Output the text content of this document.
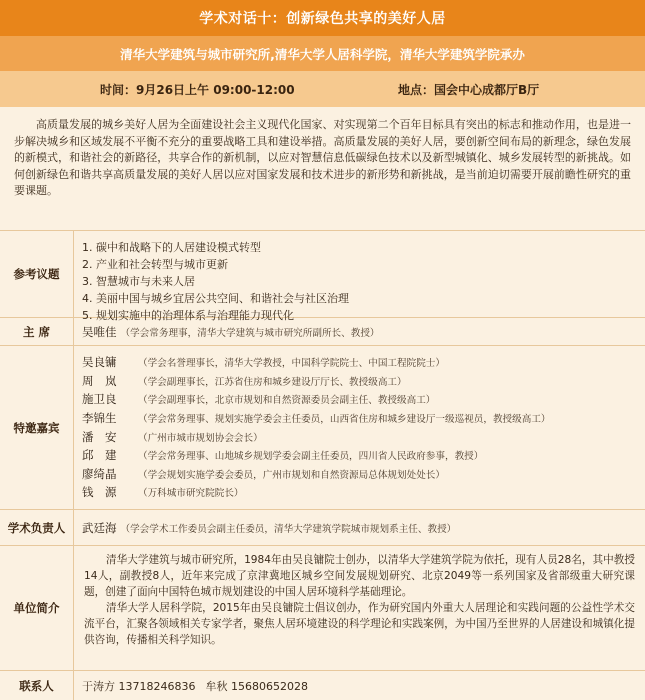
学术对话十：创新绿色共享的美好人居
清华大学建筑与城市研究所,清华大学人居科学院，清华大学建筑学院承办
时间：9月26日上午 09:00-12:00	地点：国会中心成都厅B厅
高质量发展的城乡美好人居为全面建设社会主义现代化国家、对实现第二个百年目标具有突出的标志和推动作用，也是进一步解决城乡和区域发展不平衡不充分的重要战略工具和建设举措。高质量发展的美好人居，要创新空间布局的新理念，绿色发展的新模式，和谐社会的新路径，共享合作的新机制，以应对智慧信息低碳绿色技术以及新型城镇化、城乡发展转型的新挑战。如何创新绿色和谐共享高质量发展的美好人居以应对国家发展和技术进步的新形势和新挑战，是当前迫切需要开展前瞻性研究的重要课题。
参考议题
1. 碳中和战略下的人居建设模式转型
2. 产业和社会转型与城市更新
3. 智慧城市与未来人居
4. 美丽中国与城乡宜居公共空间、和谐社会与社区治理
5. 规划实施中的治理体系与治理能力现代化
主 席	吴唯佳 （学会常务理事，清华大学建筑与城市研究所副所长、教授）
特邀嘉宾
吴良镛	（学会名誉理事长，清华大学教授，中国科学院院士、中国工程院院士）
周　岚	（学会副理事长，江苏省住房和城乡建设厅厅长、教授级高工）
施卫良	（学会副理事长，北京市规划和自然资源委员会副主任、教授级高工）
李锦生	（学会常务理事、规划实施学委会主任委员，山西省住房和城乡建设厅一级巡视员，教授级高工）
潘　安	（广州市城市规划协会会长）
邱　建	（学会常务理事、山地城乡规划学委会副主任委员，四川省人民政府参事，教授）
廖绮晶	（学会规划实施学委会委员，广州市规划和自然资源局总体规划处处长）
钱　源	（万科城市研究院院长）
学术负责人	武廷海 （学会学术工作委员会副主任委员，清华大学建筑学院城市规划系主任、教授）
单位简介

清华大学建筑与城市研究所，1984年由吴良镛院士创办，以清华大学建筑学院为依托，现有人员28名，其中教授14人，副教授8人，近年来完成了京津冀地区城乡空间发展规划研究、北京2049等一系列国家及省部级重大研究课题，创建了面向中国特色城市规划建设的中国人居环境科学基础理论。

清华大学人居科学院，2015年由吴良镛院士倡议创办，作为研究国内外重大人居理论和实践问题的公益性学术交流平台，汇聚各领域相关专家学者，聚焦人居环境建设的科学理论和实践案例，为中国乃至世界的人居建设和城镇化提供咨询，传播相关科学知识。

联系人	于涛方 13718246836 牟秋 15680652028
